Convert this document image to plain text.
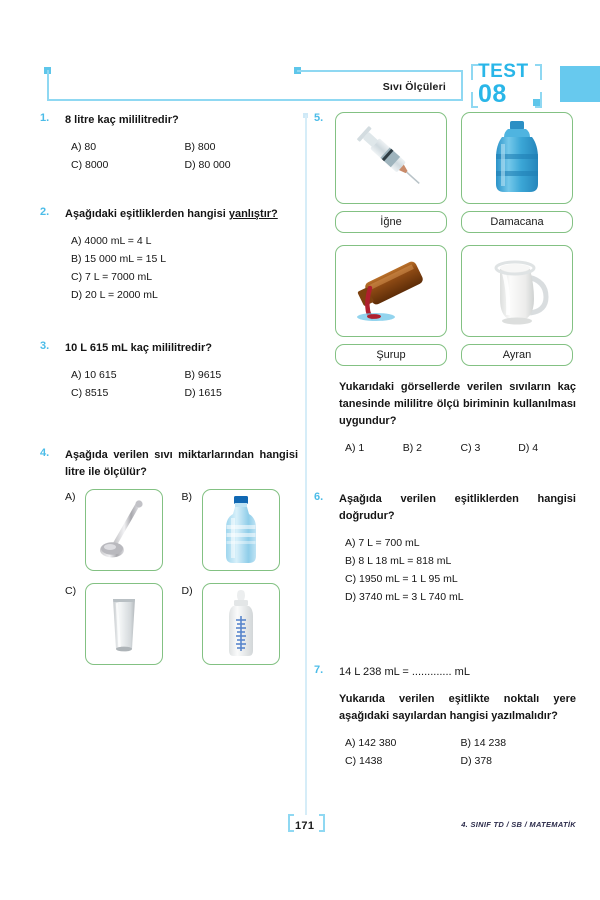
Sıvı Ölçüleri
TEST
08
1.	8 litre kaç mililitredir?
A) 80	B) 800
C) 8000	D) 80 000
2.	Aşağıdaki eşitliklerden hangisi yanlıştır?
A) 4000 mL = 4 L
B) 15 000 mL = 15 L
C) 7 L = 7000 mL
D) 20 L = 2000 mL
3.	10 L 615 mL kaç mililitredir?
A) 10 615	B) 9615
C) 8515	D) 1615
4.	Aşağıda verilen sıvı miktarlarından hangisi litre ile ölçülür?
A)	B)
C)	D)
5.
İğne	Damacana
Şurup	Ayran
Yukarıdaki görsellerde verilen sıvıların kaç tanesinde mililitre ölçü biriminin kullanılması uygundur?
A) 1	B) 2	C) 3	D) 4
6.	Aşağıda verilen eşitliklerden hangisi doğrudur?
A) 7 L = 700 mL
B) 8 L 18 mL = 818 mL
C) 1950 mL = 1 L 95 mL
D) 3740 mL = 3 L 740 mL
7.	14 L 238 mL = ............. mL
Yukarıda verilen eşitlikte noktalı yere aşağıdaki sayılardan hangisi yazılmalıdır?
A) 142 380	B) 14 238
C) 1438	D) 378
171	4. SINIF TD / SB / MATEMATİK
